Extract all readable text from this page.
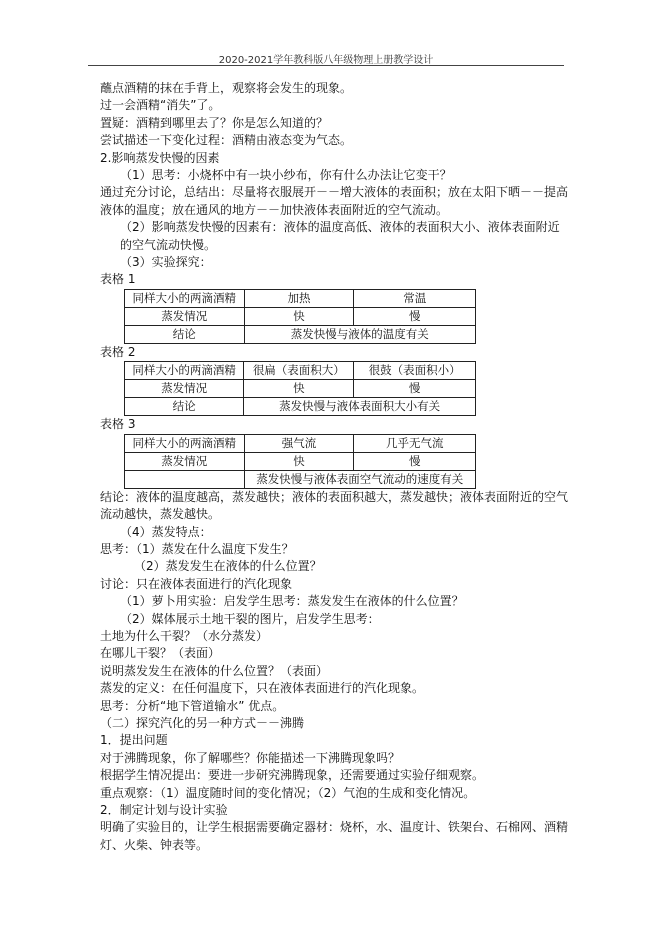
2020-2021学年教科版八年级物理上册教学设计

蘸点酒精的抹在手背上，观察将会发生的现象。

过一会酒精“消失”了。

置疑：酒精到哪里去了？你是怎么知道的？

尝试描述一下变化过程：酒精由液态变为气态。

2.影响蒸发快慢的因素

（1）思考：小烧杯中有一块小纱布，你有什么办法让它变干？

通过充分讨论，总结出：尽量将衣服展开－－增大液体的表面积；放在太阳下晒－－提高液体的温度；放在通风的地方－－加快液体表面附近的空气流动。

（2）影响蒸发快慢的因素有：液体的温度高低、液体的表面积大小、液体表面附近的空气流动快慢。

（3）实验探究：

表格 1

同样大小的两滴酒精	加热	常温
蒸发情况	快	慢
结论	蒸发快慢与液体的温度有关	

表格 2

同样大小的两滴酒精	很扁（表面积大）	很鼓（表面积小）
蒸发情况	快	慢
结论	蒸发快慢与液体表面积大小有关	

表格 3

同样大小的两滴酒精	强气流	几乎无气流
蒸发情况	快	慢
	蒸发快慢与液体表面空气流动的速度有关	

结论：液体的温度越高，蒸发越快；液体的表面积越大，蒸发越快；液体表面附近的空气流动越快，蒸发越快。

（4）蒸发特点：

思考：（1）蒸发在什么温度下发生？

（2）蒸发发生在液体的什么位置？

讨论：只在液体表面进行的汽化现象

（1）萝卜用实验：启发学生思考：蒸发发生在液体的什么位置？

（2）媒体展示土地干裂的图片，启发学生思考：

土地为什么干裂？（水分蒸发）

在哪儿干裂？（表面）

说明蒸发发生在液体的什么位置？（表面）

蒸发的定义：在任何温度下，只在液体表面进行的汽化现象。

思考：分析“地下管道输水” 优点。

（二）探究汽化的另一种方式－－沸腾

1．提出问题

对于沸腾现象，你了解哪些？你能描述一下沸腾现象吗？

根据学生情况提出：要进一步研究沸腾现象，还需要通过实验仔细观察。

重点观察：（1）温度随时间的变化情况；（2）气泡的生成和变化情况。

2．制定计划与设计实验

明确了实验目的，让学生根据需要确定器材：烧杯，水、温度计、铁架台、石棉网、酒精灯、火柴、钟表等。
